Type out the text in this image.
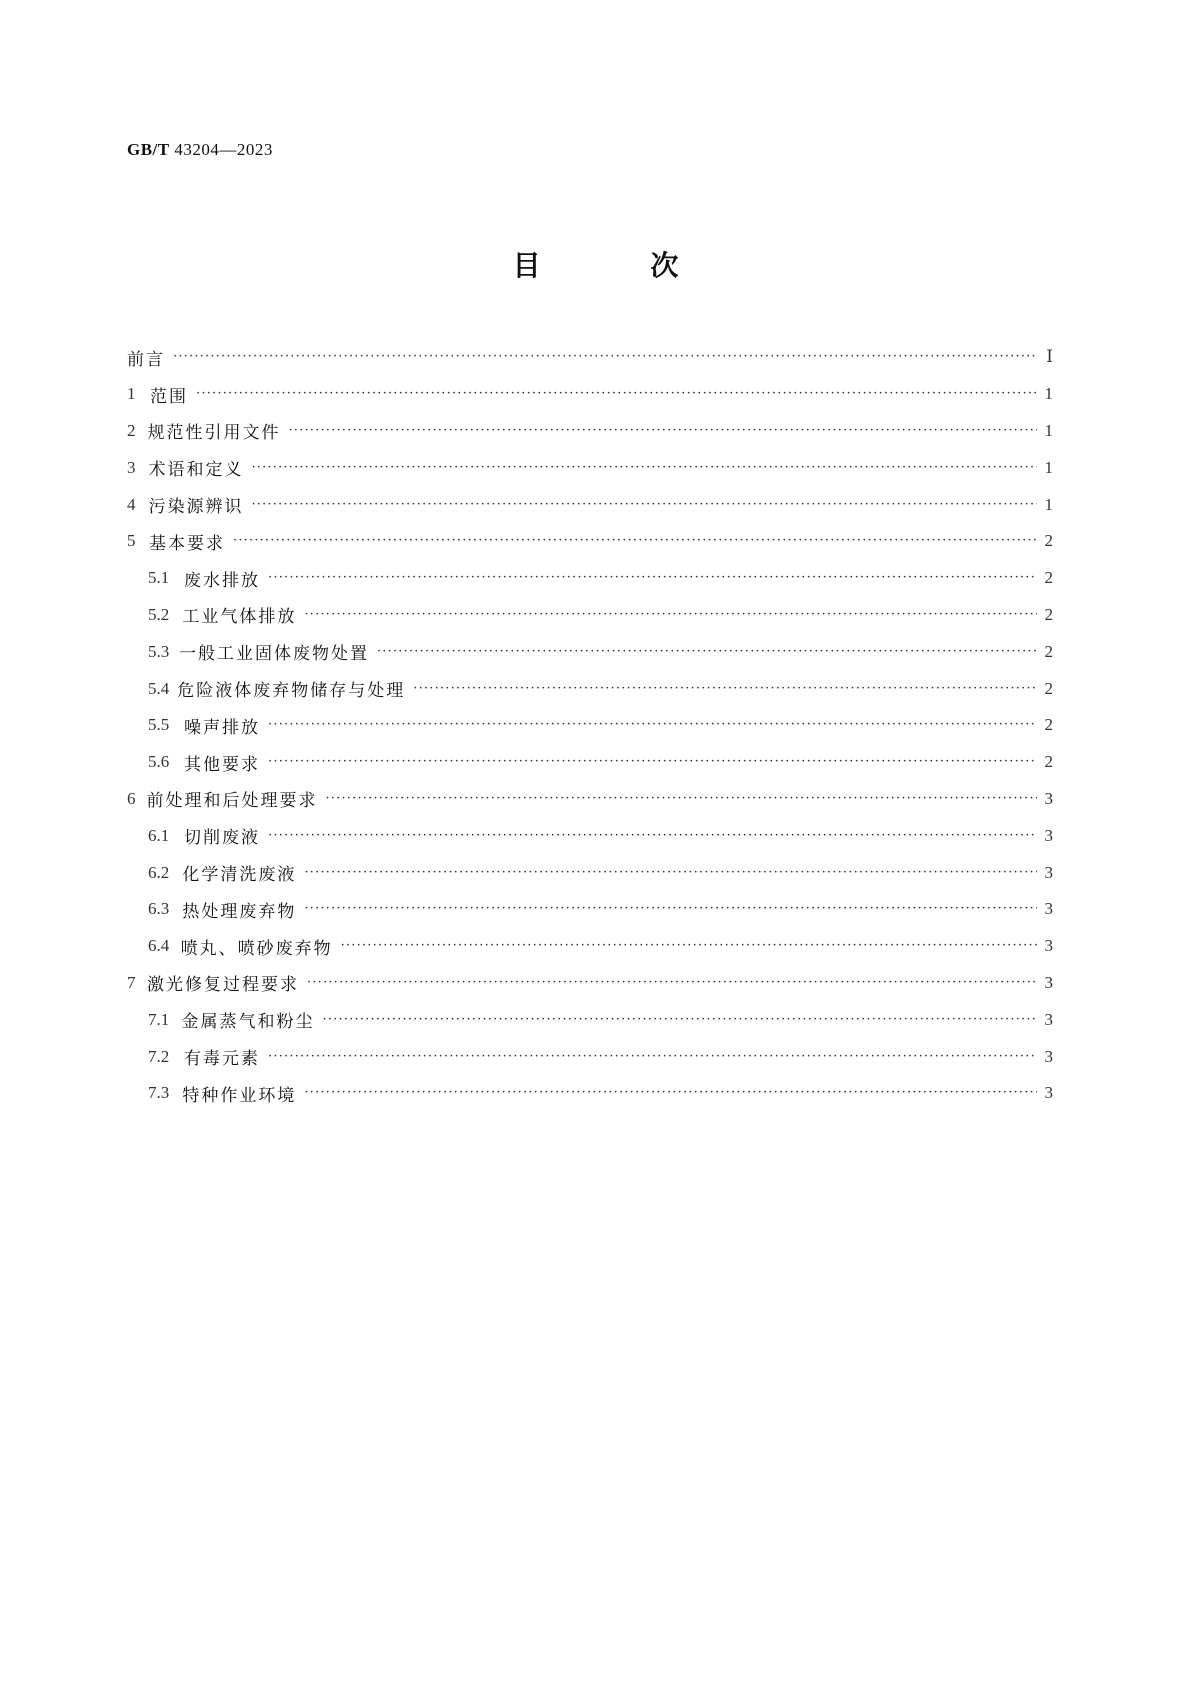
GB/T 43204—2023
目 次
前言 ·····	Ⅰ
1 范围 ·····	1
2 规范性引用文件 ·····	1
3 术语和定义 ·····	1
4 污染源辨识 ·····	1
5 基本要求 ·····	2
5.1 废水排放 ·····	2
5.2 工业气体排放 ·····	2
5.3 一般工业固体废物处置 ·····	2
5.4 危险液体废弃物储存与处理 ·····	2
5.5 噪声排放 ·····	2
5.6 其他要求 ·····	2
6 前处理和后处理要求 ·····	3
6.1 切削废液 ·····	3
6.2 化学清洗废液 ·····	3
6.3 热处理废弃物 ·····	3
6.4 喷丸、喷砂废弃物 ·····	3
7 激光修复过程要求 ·····	3
7.1 金属蒸气和粉尘 ·····	3
7.2 有毒元素 ·····	3
7.3 特种作业环境 ·····	3
